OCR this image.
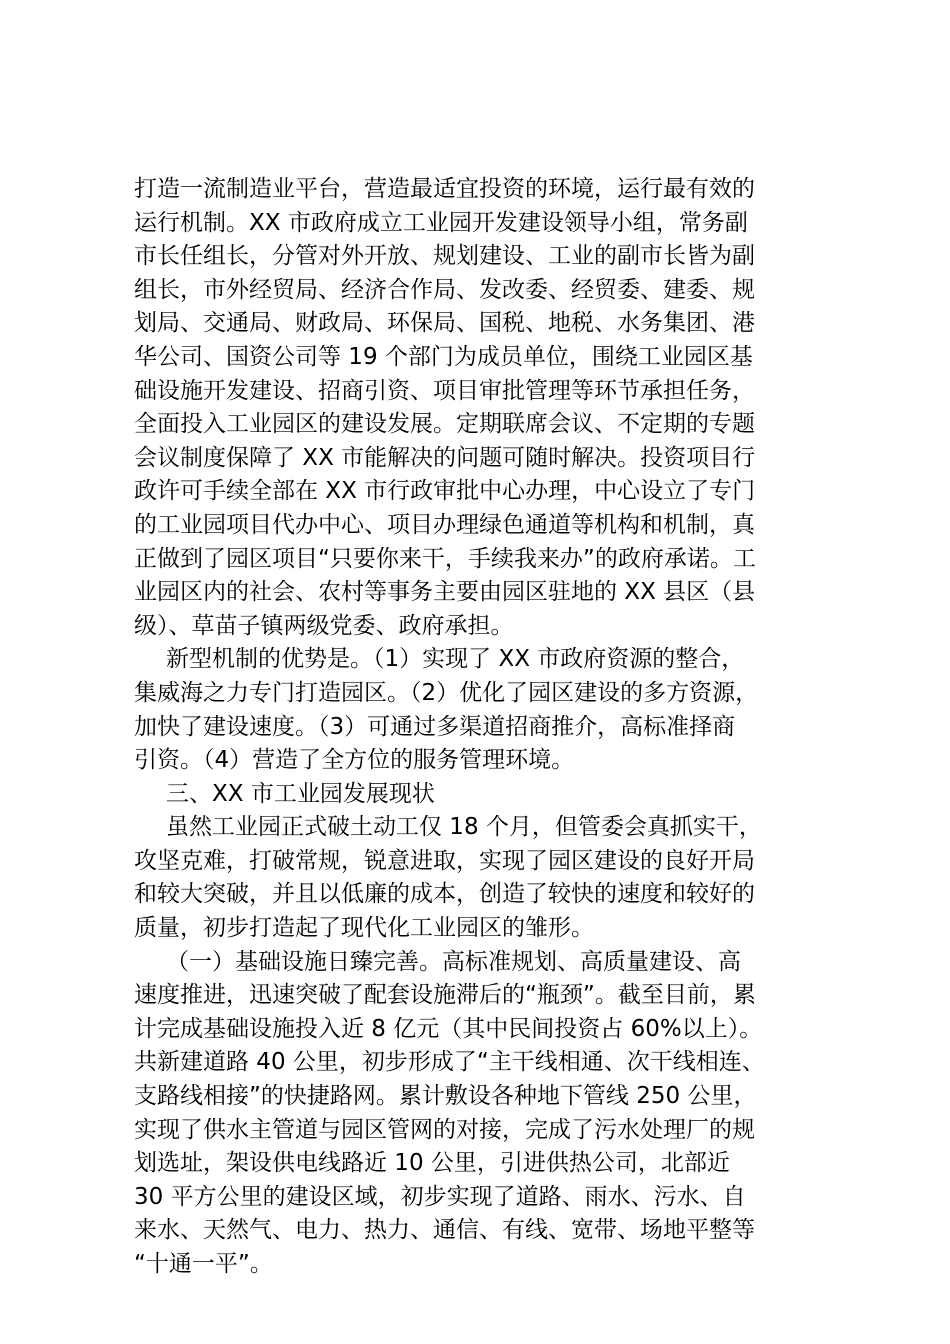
打造一流制造业平台，营造最适宜投资的环境，运行最有效的
运行机制。XX 市政府成立工业园开发建设领导小组，常务副
市长任组长，分管对外开放、规划建设、工业的副市长皆为副
组长，市外经贸局、经济合作局、发改委、经贸委、建委、规
划局、交通局、财政局、环保局、国税、地税、水务集团、港
华公司、国资公司等 19 个部门为成员单位，围绕工业园区基
础设施开发建设、招商引资、项目审批管理等环节承担任务，
全面投入工业园区的建设发展。定期联席会议、不定期的专题
会议制度保障了 XX 市能解决的问题可随时解决。投资项目行
政许可手续全部在 XX 市行政审批中心办理，中心设立了专门
的工业园项目代办中心、项目办理绿色通道等机构和机制，真
正做到了园区项目“只要你来干，手续我来办”的政府承诺。工
业园区内的社会、农村等事务主要由园区驻地的 XX 县区（县
级）、草苗子镇两级党委、政府承担。
新型机制的优势是。（1）实现了 XX 市政府资源的整合，
集威海之力专门打造园区。（2）优化了园区建设的多方资源，
加快了建设速度。（3）可通过多渠道招商推介，高标准择商
引资。（4）营造了全方位的服务管理环境。
三、XX 市工业园发展现状
虽然工业园正式破土动工仅 18 个月，但管委会真抓实干，
攻坚克难，打破常规，锐意进取，实现了园区建设的良好开局
和较大突破，并且以低廉的成本，创造了较快的速度和较好的
质量，初步打造起了现代化工业园区的雏形。
（一）基础设施日臻完善。高标准规划、高质量建设、高
速度推进，迅速突破了配套设施滞后的“瓶颈”。截至目前，累
计完成基础设施投入近 8 亿元（其中民间投资占 60%以上）。
共新建道路 40 公里，初步形成了“主干线相通、次干线相连、
支路线相接”的快捷路网。累计敷设各种地下管线 250 公里，
实现了供水主管道与园区管网的对接，完成了污水处理厂的规
划选址，架设供电线路近 10 公里，引进供热公司，北部近
30 平方公里的建设区域，初步实现了道路、雨水、污水、自
来水、天然气、电力、热力、通信、有线、宽带、场地平整等
“十通一平”。
